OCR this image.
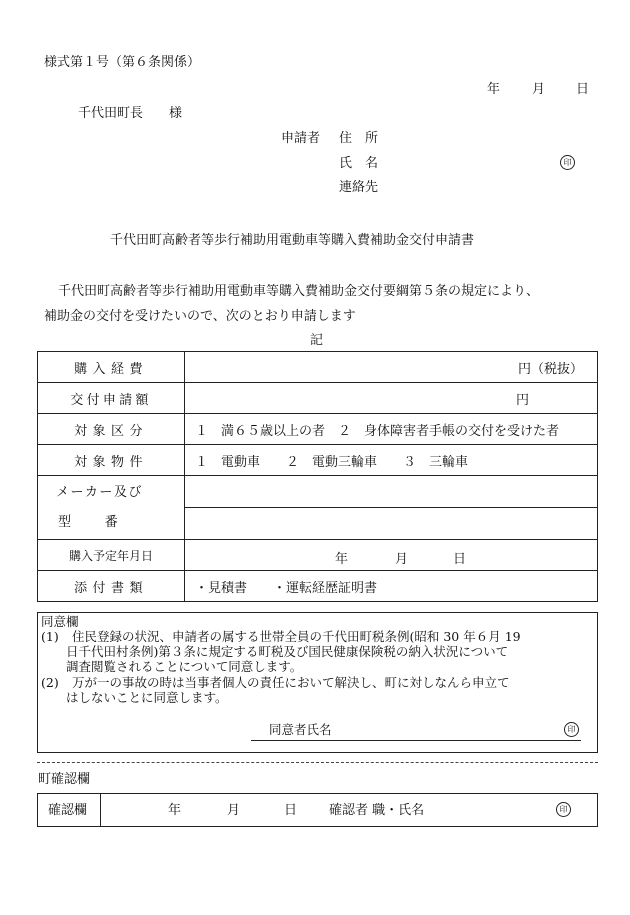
様式第１号（第６条関係）
年 月 日
千代田町長　　様
申請者 住　所
氏　名	印
連絡先
千代田町高齢者等歩行補助用電動車等購入費補助金交付申請書
千代田町高齢者等歩行補助用電動車等購入費補助金交付要綱第５条の規定により、
補助金の交付を受けたいので、次のとおり申請します
記
購入経費	円（税抜）
交付申請額	円
対象区分	１　満６５歳以上の者　２　身体障害者手帳の交付を受けた者
対象物件	１　電動車　　２　電動三輪車　　３　三輪車

メーカー及び
型　　番	

購入予定年月日	年 月 日

添付書類	・見積書　　・運転経歴証明書
同意欄
(1) 住民登録の状況、申請者の属する世帯全員の千代田町税条例(昭和 30 年６月 19
日千代田村条例)第３条に規定する町税及び国民健康保険税の納入状況について
調査閲覧されることについて同意します。
(2) 万が一の事故の時は当事者個人の責任において解決し、町に対しなんら申立て
はしないことに同意します。
同意者氏名	印
町確認欄
確認欄	年	月	日 確認者 職・氏名	印
